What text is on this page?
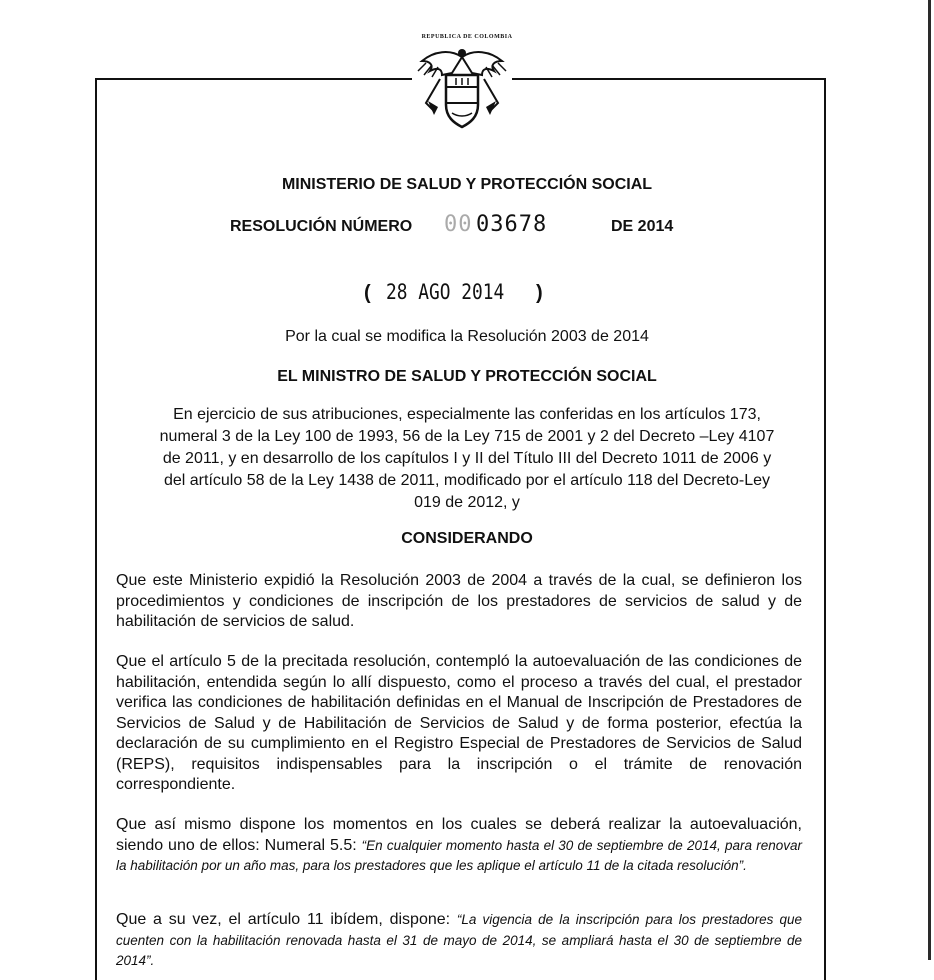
REPUBLICA DE COLOMBIA
MINISTERIO DE SALUD Y PROTECCIÓN SOCIAL
RESOLUCIÓN NÚMERO 00 03678	DE 2014
( 28 AGO 2014 )
Por la cual se modifica la Resolución 2003 de 2014
EL MINISTRO DE SALUD Y PROTECCIÓN SOCIAL
En ejercicio de sus atribuciones, especialmente las conferidas en los artículos 173,
numeral 3 de la Ley 100 de 1993, 56 de la Ley 715 de 2001 y 2 del Decreto –Ley 4107
de 2011, y en desarrollo de los capítulos I y II del Título III del Decreto 1011 de 2006 y
del artículo 58 de la Ley 1438 de 2011, modificado por el artículo 118 del Decreto-Ley
019 de 2012, y
CONSIDERANDO
Que este Ministerio expidió la Resolución 2003 de 2004 a través de la cual, se definieron los procedimientos y condiciones de inscripción de los prestadores de servicios de salud y de habilitación de servicios de salud.
Que el artículo 5 de la precitada resolución, contempló la autoevaluación de las condiciones de habilitación, entendida según lo allí dispuesto, como el proceso a través del cual, el prestador verifica las condiciones de habilitación definidas en el Manual de Inscripción de Prestadores de Servicios de Salud y de Habilitación de Servicios de Salud y de forma posterior, efectúa la declaración de su cumplimiento en el Registro Especial de Prestadores de Servicios de Salud (REPS), requisitos indispensables para la inscripción o el trámite de renovación correspondiente.
Que así mismo dispone los momentos en los cuales se deberá realizar la autoevaluación, siendo uno de ellos: Numeral 5.5: “En cualquier momento hasta el 30 de septiembre de 2014, para renovar la habilitación por un año mas, para los prestadores que les aplique el artículo 11 de la citada resolución”.
Que a su vez, el artículo 11 ibídem, dispone: “La vigencia de la inscripción para los prestadores que cuenten con la habilitación renovada hasta el 31 de mayo de 2014, se ampliará hasta el 30 de septiembre de 2014”.
